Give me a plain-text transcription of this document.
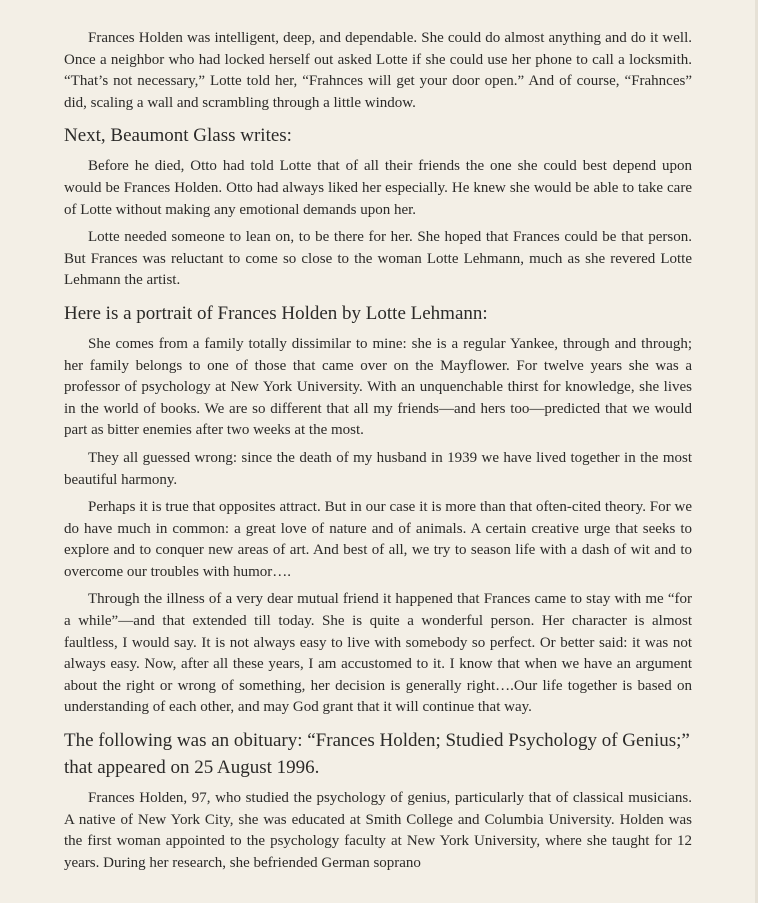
Frances Holden was intelligent, deep, and dependable. She could do almost anything and do it well. Once a neighbor who had locked herself out asked Lotte if she could use her phone to call a locksmith. “That’s not necessary,” Lotte told her, “Frahnces will get your door open.” And of course, “Frahnces” did, scaling a wall and scrambling through a little window.

Next, Beaumont Glass writes:

Before he died, Otto had told Lotte that of all their friends the one she could best depend upon would be Frances Holden. Otto had always liked her especially. He knew she would be able to take care of Lotte without making any emotional demands upon her.

Lotte needed someone to lean on, to be there for her. She hoped that Frances could be that person. But Frances was reluctant to come so close to the woman Lotte Lehmann, much as she revered Lotte Lehmann the artist.

Here is a portrait of Frances Holden by Lotte Lehmann:

She comes from a family totally dissimilar to mine: she is a regular Yankee, through and through; her family belongs to one of those that came over on the Mayflower. For twelve years she was a professor of psychology at New York University. With an unquenchable thirst for knowledge, she lives in the world of books. We are so different that all my friends—and hers too—predicted that we would part as bitter enemies after two weeks at the most.

They all guessed wrong: since the death of my husband in 1939 we have lived together in the most beautiful harmony.

Perhaps it is true that opposites attract. But in our case it is more than that often-cited theory. For we do have much in common: a great love of nature and of animals. A certain creative urge that seeks to explore and to conquer new areas of art. And best of all, we try to season life with a dash of wit and to overcome our troubles with humor….

Through the illness of a very dear mutual friend it happened that Frances came to stay with me “for a while”—and that extended till today. She is quite a wonderful person. Her character is almost faultless, I would say. It is not always easy to live with somebody so perfect. Or better said: it was not always easy. Now, after all these years, I am accustomed to it. I know that when we have an argument about the right or wrong of something, her decision is generally right….Our life together is based on understanding of each other, and may God grant that it will continue that way.

The following was an obituary: “Frances Holden; Studied Psychology of Genius;” that appeared on 25 August 1996.

Frances Holden, 97, who studied the psychology of genius, particularly that of classical musicians. A native of New York City, she was educated at Smith College and Columbia University. Holden was the first woman appointed to the psychology faculty at New York University, where she taught for 12 years. During her research, she befriended German soprano
